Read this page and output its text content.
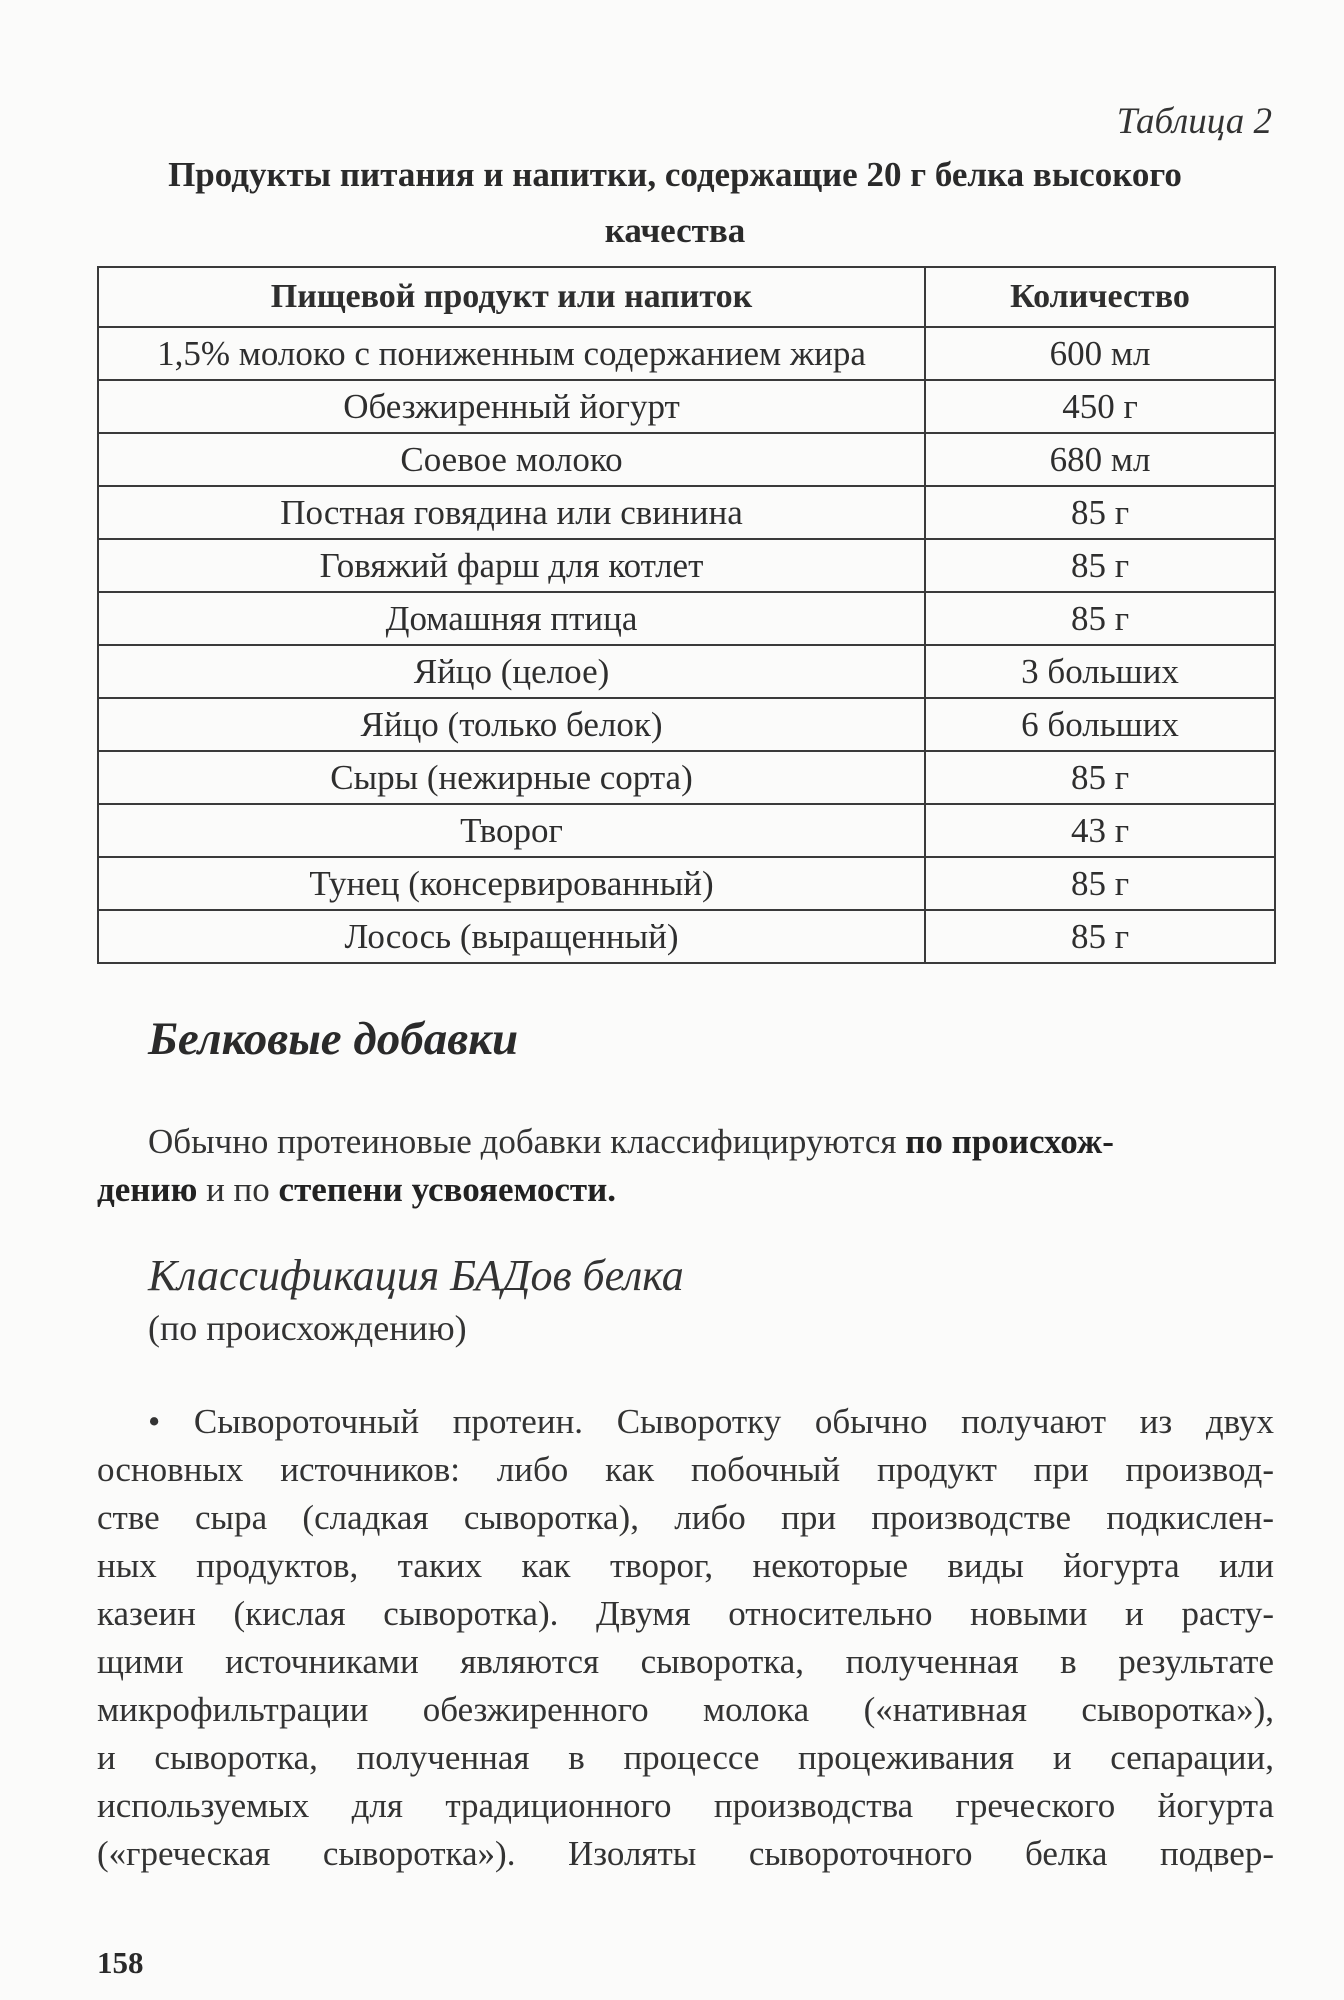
Таблица 2
Продукты питания и напитки, содержащие 20 г белка высокого
качества
Пищевой продукт или напиток	Количество
1,5% молоко с пониженным содержанием жира	600 мл
Обезжиренный йогурт	450 г
Соевое молоко	680 мл
Постная говядина или свинина	85 г
Говяжий фарш для котлет	85 г
Домашняя птица	85 г
Яйцо (целое)	3 больших
Яйцо (только белок)	6 больших
Сыры (нежирные сорта)	85 г
Творог	43 г
Тунец (консервированный)	85 г
Лосось (выращенный)	85 г
Белковые добавки
Обычно протеиновые добавки классифицируются по происхож-
дению и по степени усвояемости.
Классификация БАДов белка
(по происхождению)
• Сывороточный протеин. Сыворотку обычно получают из двух
основных источников: либо как побочный продукт при производ-
стве сыра (сладкая сыворотка), либо при производстве подкислен-
ных продуктов, таких как творог, некоторые виды йогурта или
казеин (кислая сыворотка). Двумя относительно новыми и расту-
щими источниками являются сыворотка, полученная в результате
микрофильтрации обезжиренного молока («нативная сыворотка»),
и сыворотка, полученная в процессе процеживания и сепарации,
используемых для традиционного производства греческого йогурта
(«греческая сыворотка»). Изоляты сывороточного белка подвер-
158
